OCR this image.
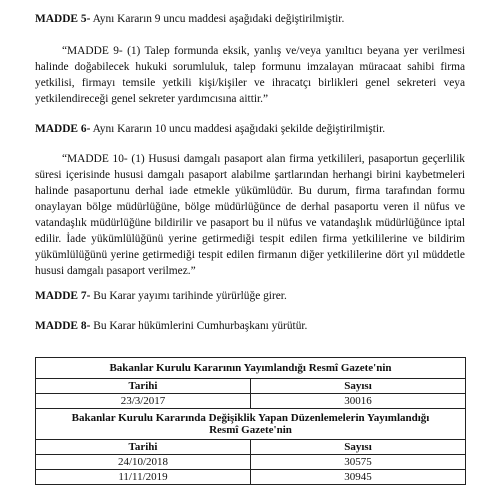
MADDE 5- Aynı Kararın 9 uncu maddesi aşağıdaki değiştirilmiştir.
“MADDE 9- (1) Talep formunda eksik, yanlış ve/veya yanıltıcı beyana yer verilmesi halinde doğabilecek hukuki sorumluluk, talep formunu imzalayan müracaat sahibi firma yetkilisi, firmayı temsile yetkili kişi/kişiler ve ihracatçı birlikleri genel sekreteri veya yetkilendireceği genel sekreter yardımcısına aittir.”
MADDE 6- Aynı Kararın 10 uncu maddesi aşağıdaki şekilde değiştirilmiştir.
“MADDE 10- (1) Hususi damgalı pasaport alan firma yetkilileri, pasaportun geçerlilik süresi içerisinde hususi damgalı pasaport alabilme şartlarından herhangi birini kaybetmeleri halinde pasaportunu derhal iade etmekle yükümlüdür. Bu durum, firma tarafından formu onaylayan bölge müdürlüğüne, bölge müdürlüğünce de derhal pasaportu veren il nüfus ve vatandaşlık müdürlüğüne bildirilir ve pasaport bu il nüfus ve vatandaşlık müdürlüğünce iptal edilir. İade yükümlülüğünü yerine getirmediği tespit edilen firma yetkililerine ve bildirim yükümlülüğünü yerine getirmediği tespit edilen firmanın diğer yetkililerine dört yıl müddetle hususi damgalı pasaport verilmez.”
MADDE 7- Bu Karar yayımı tarihinde yürürlüğe girer.
MADDE 8- Bu Karar hükümlerini Cumhurbaşkanı yürütür.
Bakanlar Kurulu Kararının Yayımlandığı Resmî Gazete'nin	
Tarihi	Sayısı
23/3/2017	30016
Bakanlar Kurulu Kararında Değişiklik Yapan Düzenlemelerin Yayımlandığı
Resmî Gazete'nin	
Tarihi	Sayısı
24/10/2018	30575
11/11/2019	30945
